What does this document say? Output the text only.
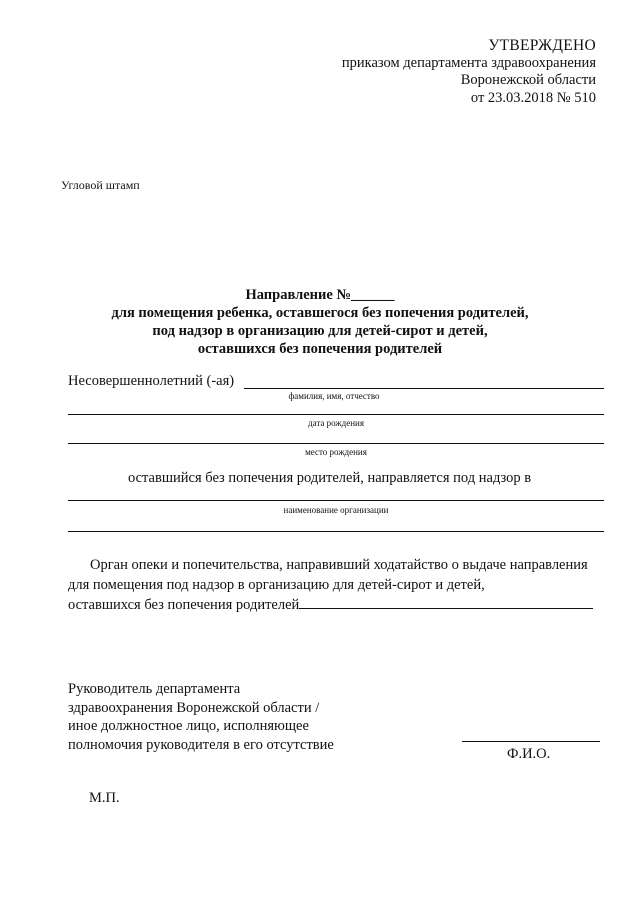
УТВЕРЖДЕНО
приказом департамента здравоохранения
Воронежской области
от 23.03.2018 № 510
Угловой штамп
Направление №______
для помещения ребенка, оставшегося без попечения родителей,
под надзор в организацию для детей-сирот и детей,
оставшихся без попечения родителей
Несовершеннолетний (-ая)
фамилия, имя, отчество
дата рождения
место рождения
оставшийся без попечения родителей, направляется под надзор в
наименование организации
Орган опеки и попечительства, направивший ходатайство о выдаче направления
для помещения под надзор в организацию для детей-сирот и детей,
оставшихся без попечения родителей
Руководитель департамента
здравоохранения Воронежской области /
иное должностное лицо, исполняющее
полномочия руководителя в его отсутствие
Ф.И.О.
М.П.
